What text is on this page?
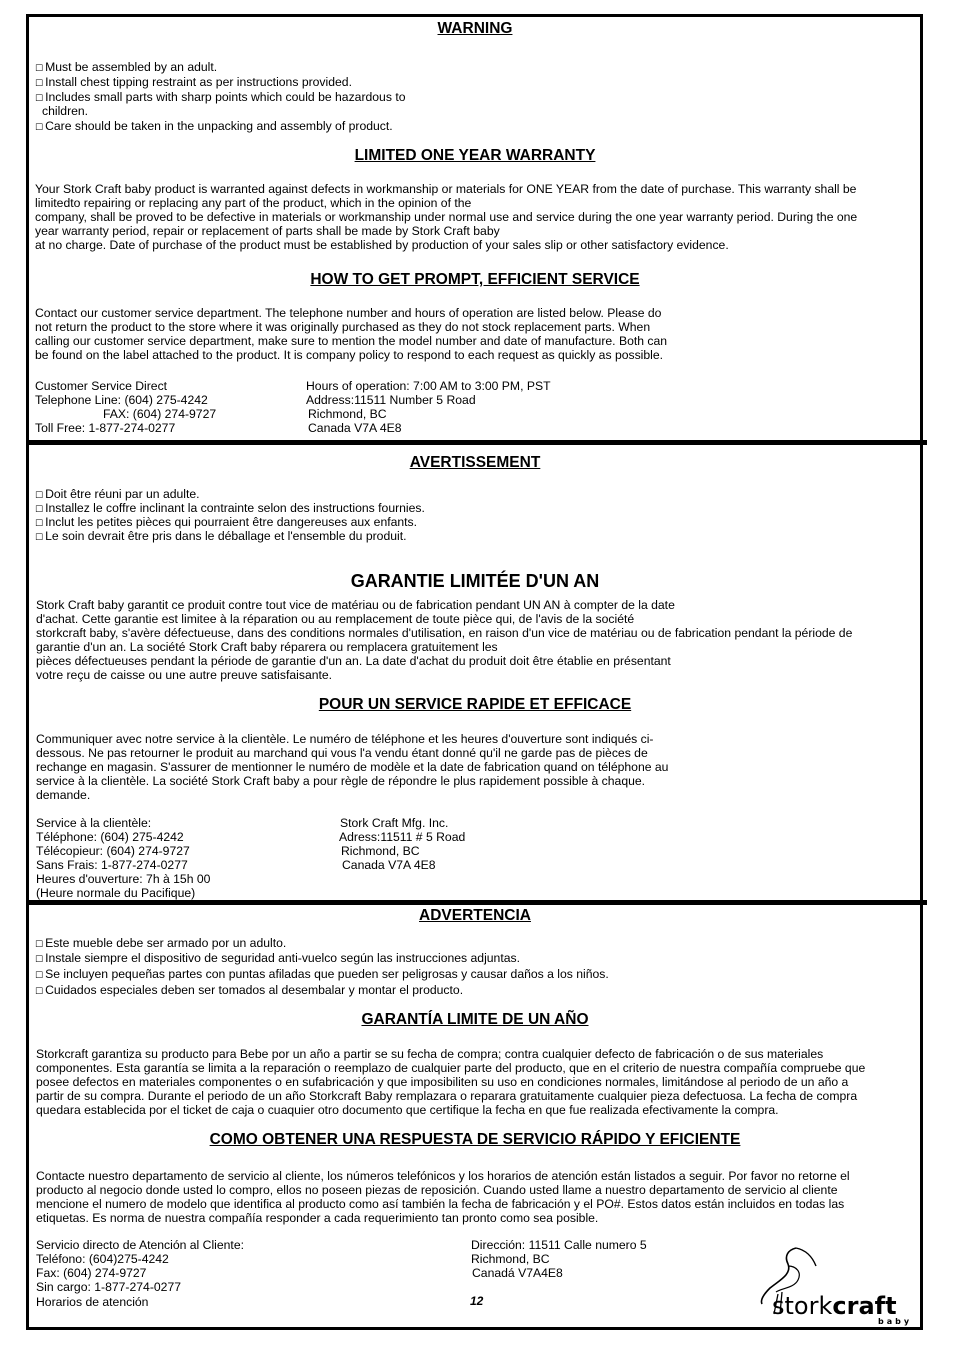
WARNING
☐ Must be assembled by an adult.
☐ Install chest tipping restraint as per instructions provided.
☐ Includes small parts with sharp points which could be hazardous to
children.
☐ Care should be taken in the unpacking and assembly of product.
LIMITED ONE YEAR WARRANTY
Your Stork Craft baby product is warranted against defects in workmanship or materials for ONE YEAR from the date of purchase. This warranty shall be
limitedto repairing or replacing any part of the product, which in the opinion of the
company, shall be proved to be defective in materials or workmanship under normal use and service during the one year warranty period. During the one
year warranty period, repair or replacement of parts shall be made by Stork Craft baby
at no charge. Date of purchase of the product must be established by production of your sales slip or other satisfactory evidence.
HOW TO GET PROMPT, EFFICIENT SERVICE
Contact our customer service department. The telephone number and hours of operation are listed below. Please do
not return the product to the store where it was originally purchased as they do not stock replacement parts. When
calling our customer service department, make sure to mention the model number and date of manufacture. Both can
be found on the label attached to the product. It is company policy to respond to each request as quickly as possible.
Customer Service Direct
Telephone Line: (604) 275-4242
FAX: (604) 274-9727
Toll Free: 1-877-274-0277
Hours of operation: 7:00 AM to 3:00 PM, PST
Address:11511 Number 5 Road
Richmond, BC
Canada V7A 4E8
AVERTISSEMENT
☐ Doit être réuni par un adulte.
☐ Installez le coffre inclinant la contrainte selon des instructions fournies.
☐ Inclut les petites pièces qui pourraient être dangereuses aux enfants.
☐ Le soin devrait être pris dans le déballage et l'ensemble du produit.
GARANTIE LIMITÉE D'UN AN
Stork Craft baby garantit ce produit contre tout vice de matériau ou de fabrication pendant UN AN à compter de la date
d'achat. Cette garantie est limitee à la réparation ou au remplacement de toute pièce qui, de l'avis de la société
storkcraft baby, s'avère défectueuse, dans des conditions normales d'utilisation, en raison d'un vice de matériau ou de fabrication pendant la période de
garantie d'un an. La société Stork Craft baby réparera ou remplacera gratuitement les
pièces défectueuses pendant la période de garantie d'un an. La date d'achat du produit doit être établie en présentant
votre reçu de caisse ou une autre preuve satisfaisante.
POUR UN SERVICE RAPIDE ET EFFICACE
Communiquer avec notre service à la clientèle. Le numéro de téléphone et les heures d'ouverture sont indiqués ci-
dessous. Ne pas retourner le produit au marchand qui vous l'a vendu étant donné qu'il ne garde pas de pièces de
rechange en magasin. S'assurer de mentionner le numéro de modèle et la date de fabrication quand on téléphone au
service à la clientèle. La société Stork Craft baby a pour règle de répondre le plus rapidement possible à chaque.
demande.
Service à la clientèle:
Téléphone: (604) 275-4242
Télécopieur: (604) 274-9727
Sans Frais: 1-877-274-0277
Heures d'ouverture: 7h à 15h 00
(Heure normale du Pacifique)
Stork Craft Mfg. Inc.
Adress:11511 # 5 Road
Richmond, BC
Canada V7A 4E8
ADVERTENCIA
☐ Este mueble debe ser armado por un adulto.
☐ Instale siempre el dispositivo de seguridad anti-vuelco según las instrucciones adjuntas.
☐ Se incluyen pequeñas partes con puntas afiladas que pueden ser peligrosas y causar daños a los niños.
☐ Cuidados especiales deben ser tomados al desembalar y montar el producto.
GARANTÍA LIMITE DE UN AÑO
Storkcraft garantiza su producto para Bebe por un año a partir se su fecha de compra; contra cualquier defecto de fabricación o de sus materiales
componentes. Esta garantía se limita a la reparación o reemplazo de cualquier parte del producto, que en el criterio de nuestra compañía compruebe que
posee defectos en materiales componentes o en sufabricación y que imposibiliten su uso en condiciones normales, limitándose al periodo de un año a
partir de su compra. Durante el periodo de un año Storkcraft Baby remplazara o reparara gratuitamente cualquier pieza defectuosa. La fecha de compra
quedara establecida por el ticket de caja o cuaquier otro documento que certifique la fecha en que fue realizada efectivamente la compra.
COMO OBTENER UNA RESPUESTA DE SERVICIO RÁPIDO Y EFICIENTE
Contacte nuestro departamento de servicio al cliente, los números telefónicos y los horarios de atención están listados a seguir. Por favor no retorne el
producto al negocio donde usted lo compro, ellos no poseen piezas de reposición. Cuando usted llame a nuestro departamento de servicio al cliente
mencione el numero de modelo que identifica al producto como así también la fecha de fabricación y el PO#. Estos datos están incluidos en todas las
etiquetas. Es norma de nuestra compañía responder a cada requerimiento tan pronto como sea posible.
Servicio directo de Atención al Cliente:
Teléfono: (604)275-4242
Fax: (604) 274-9727
Sin cargo: 1-877-274-0277
Horarios de atención
Dirección: 11511 Calle numero 5
Richmond, BC
Canadá V7A4E8
12	storkcraft
baby
